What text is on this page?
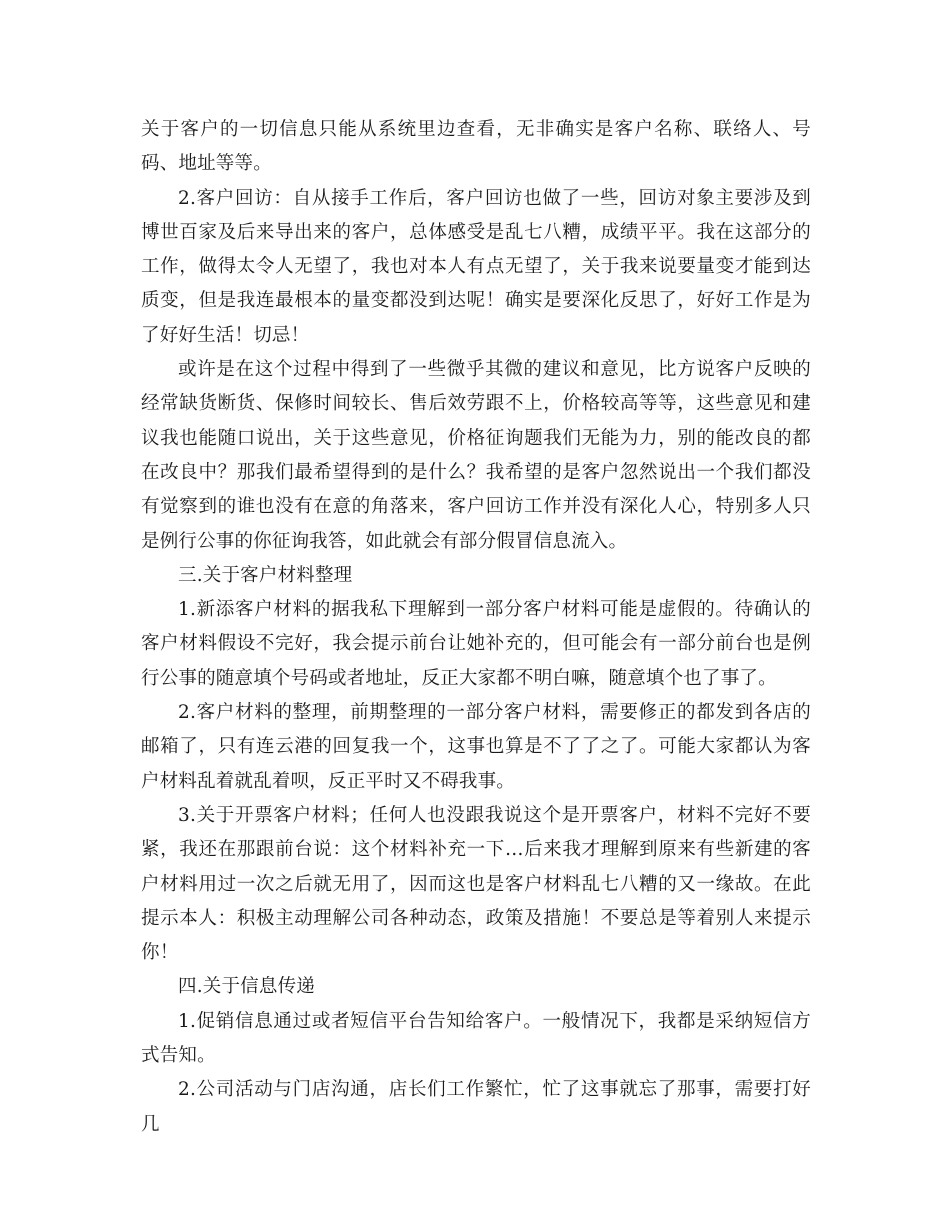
关于客户的一切信息只能从系统里边查看，无非确实是客户名称、联络人、号码、地址等等。

2.客户回访：自从接手工作后，客户回访也做了一些，回访对象主要涉及到博世百家及后来导出来的客户，总体感受是乱七八糟，成绩平平。我在这部分的工作，做得太令人无望了，我也对本人有点无望了，关于我来说要量变才能到达质变，但是我连最根本的量变都没到达呢！确实是要深化反思了，好好工作是为了好好生活！切忌！

或许是在这个过程中得到了一些微乎其微的建议和意见，比方说客户反映的经常缺货断货、保修时间较长、售后效劳跟不上，价格较高等等，这些意见和建议我也能随口说出，关于这些意见，价格征询题我们无能为力，别的能改良的都在改良中？那我们最希望得到的是什么？我希望的是客户忽然说出一个我们都没有觉察到的谁也没有在意的角落来，客户回访工作并没有深化人心，特别多人只是例行公事的你征询我答，如此就会有部分假冒信息流入。

三.关于客户材料整理

1.新添客户材料的据我私下理解到一部分客户材料可能是虚假的。待确认的客户材料假设不完好，我会提示前台让她补充的，但可能会有一部分前台也是例行公事的随意填个号码或者地址，反正大家都不明白嘛，随意填个也了事了。

2.客户材料的整理，前期整理的一部分客户材料，需要修正的都发到各店的邮箱了，只有连云港的回复我一个，这事也算是不了了之了。可能大家都认为客户材料乱着就乱着呗，反正平时又不碍我事。

3.关于开票客户材料；任何人也没跟我说这个是开票客户，材料不完好不要紧，我还在那跟前台说：这个材料补充一下…后来我才理解到原来有些新建的客户材料用过一次之后就无用了，因而这也是客户材料乱七八糟的又一缘故。在此提示本人：积极主动理解公司各种动态，政策及措施！不要总是等着别人来提示你！

四.关于信息传递

1.促销信息通过或者短信平台告知给客户。一般情况下，我都是采纳短信方式告知。

2.公司活动与门店沟通，店长们工作繁忙，忙了这事就忘了那事，需要打好几
